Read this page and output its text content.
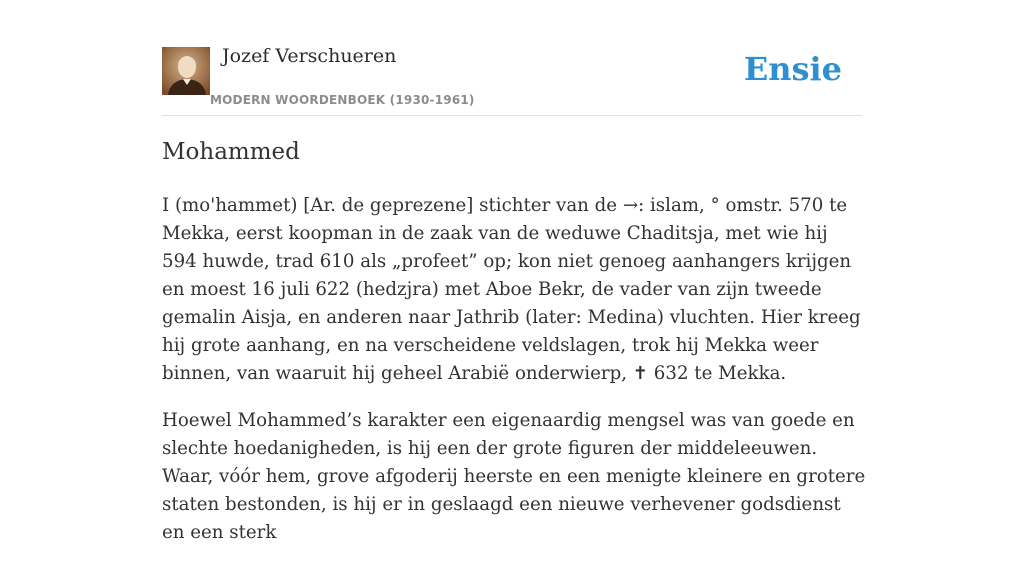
Jozef Verschueren
MODERN WOORDENBOEK (1930-1961)
Ensie
Mohammed

I (mo'hammet) [Ar. de geprezene] stichter van de →: islam, ° omstr. 570 te Mekka, eerst koopman in de zaak van de weduwe Chaditsja, met wie hij 594 huwde, trad 610 als „profeet” op; kon niet genoeg aanhangers krijgen en moest 16 juli 622 (hedzjra) met Aboe Bekr, de vader van zijn tweede gemalin Aisja, en anderen naar Jathrib (later: Medina) vluchten. Hier kreeg hij grote aanhang, en na verscheidene veldslagen, trok hij Mekka weer binnen, van waaruit hij geheel Arabië onderwierp, ✝ 632 te Mekka.

Hoewel Mohammed’s karakter een eigenaardig mengsel was van goede en slechte hoedanigheden, is hij een der grote figuren der middeleeuwen. Waar, vóór hem, grove afgoderij heerste en een menigte kleinere en grotere staten bestonden, is hij er in geslaagd een nieuwe verhevener godsdienst en een sterk
